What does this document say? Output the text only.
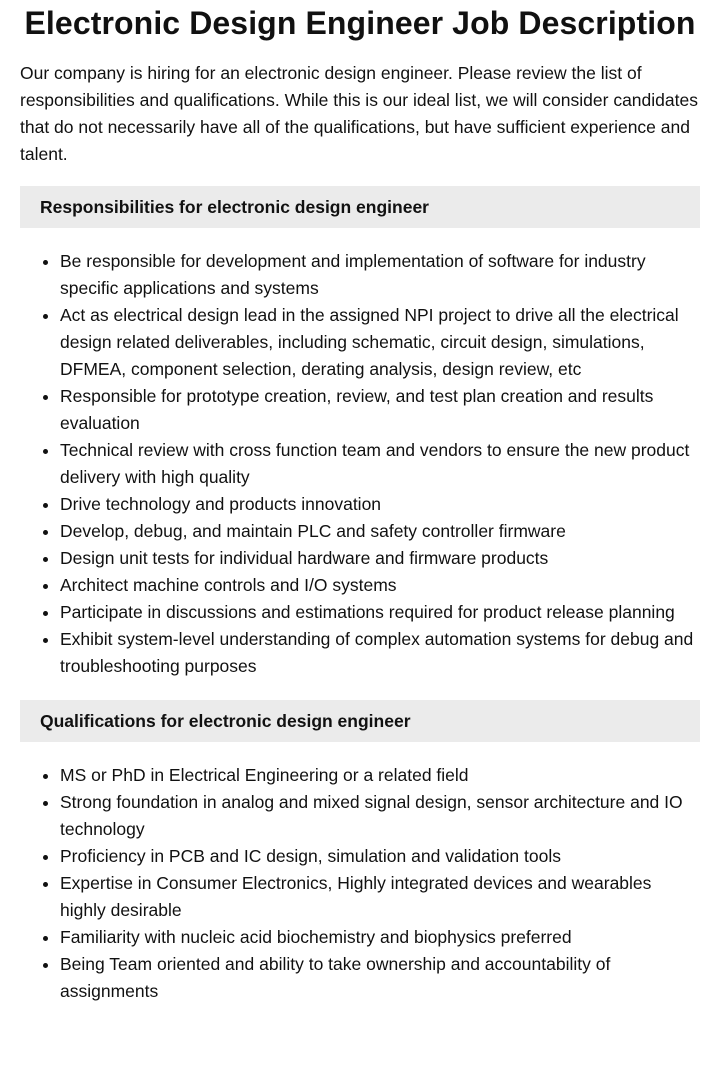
Electronic Design Engineer Job Description

Our company is hiring for an electronic design engineer. Please review the list of responsibilities and qualifications. While this is our ideal list, we will consider candidates that do not necessarily have all of the qualifications, but have sufficient experience and talent.

Responsibilities for electronic design engineer
• Be responsible for development and implementation of software for industry specific applications and systems
• Act as electrical design lead in the assigned NPI project to drive all the electrical design related deliverables, including schematic, circuit design, simulations, DFMEA, component selection, derating analysis, design review, etc
• Responsible for prototype creation, review, and test plan creation and results evaluation
• Technical review with cross function team and vendors to ensure the new product delivery with high quality
• Drive technology and products innovation
• Develop, debug, and maintain PLC and safety controller firmware
• Design unit tests for individual hardware and firmware products
• Architect machine controls and I/O systems
• Participate in discussions and estimations required for product release planning
• Exhibit system-level understanding of complex automation systems for debug and troubleshooting purposes
Qualifications for electronic design engineer
• MS or PhD in Electrical Engineering or a related field
• Strong foundation in analog and mixed signal design, sensor architecture and IO technology
• Proficiency in PCB and IC design, simulation and validation tools
• Expertise in Consumer Electronics, Highly integrated devices and wearables highly desirable
• Familiarity with nucleic acid biochemistry and biophysics preferred
• Being Team oriented and ability to take ownership and accountability of assignments
